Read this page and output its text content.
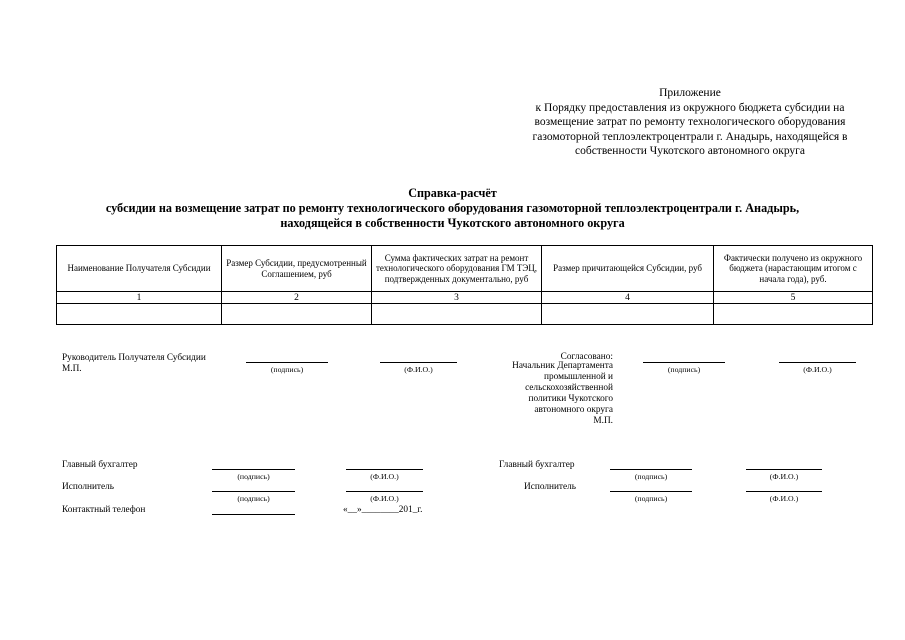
Приложение
к Порядку предоставления из окружного бюджета субсидии на
возмещение затрат по ремонту технологического оборудования
газомоторной теплоэлектроцентрали г. Анадырь, находящейся в
собственности Чукотского автономного округа
Справка-расчёт
субсидии на возмещение затрат по ремонту технологического оборудования газомоторной теплоэлектроцентрали г. Анадырь,
находящейся в собственности Чукотского автономного округа
Наименование Получателя Субсидии	Размер Субсидии, предусмотренный Соглашением, руб	Сумма фактических затрат на ремонт технологического оборудования ГМ ТЭЦ, подтвержденных документально, руб	Размер причитающейся Субсидии, руб	Фактически получено из окружного бюджета (нарастающим итогом с начала года), руб.
1	2	3	4	5

Руководитель Получателя Субсидии
М.П.	(подпись)	(Ф.И.О.)
Согласовано:
Начальник Департамента
промышленной и
сельскохозяйственной
политики Чукотского
автономного округа
М.П.
(подпись)	(Ф.И.О.)
Главный бухгалтер
(подпись)	(Ф.И.О.)
Исполнитель
(подпись)	(Ф.И.О.)
Контактный телефон	«__»________201_г.
Главный бухгалтер
(подпись)	(Ф.И.О.)
Исполнитель
(подпись)	(Ф.И.О.)
